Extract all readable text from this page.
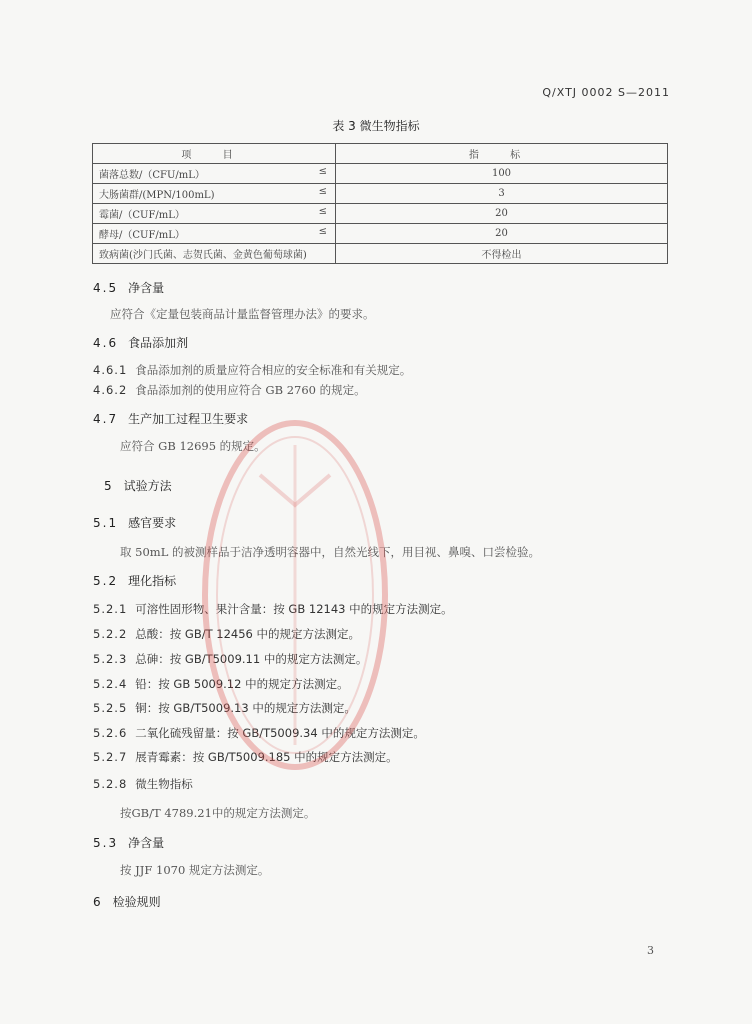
Q/XTJ 0002 S—2011
表 3 微生物指标
项 目	指 标
菌落总数/（CFU/mL） ≤	100
大肠菌群/(MPN/100mL) ≤	3
霉菌/（CUF/mL） ≤	20
酵母/（CUF/mL） ≤	20
致病菌(沙门氏菌、志贺氏菌、金黄色葡萄球菌)	不得检出
4.5 净含量
应符合《定量包装商品计量监督管理办法》的要求。
4.6 食品添加剂
4.6.1 食品添加剂的质量应符合相应的安全标准和有关规定。
4.6.2 食品添加剂的使用应符合 GB 2760 的规定。
4.7 生产加工过程卫生要求
应符合 GB 12695 的规定。
5 试验方法
5.1 感官要求
取 50mL 的被测样品于洁净透明容器中，自然光线下，用目视、鼻嗅、口尝检验。
5.2 理化指标
5.2.1 可溶性固形物、果汁含量：按 GB 12143 中的规定方法测定。
5.2.2 总酸：按 GB/T 12456 中的规定方法测定。
5.2.3 总砷：按 GB/T5009.11 中的规定方法测定。
5.2.4 铅：按 GB 5009.12 中的规定方法测定。
5.2.5 铜：按 GB/T5009.13 中的规定方法测定。
5.2.6 二氧化硫残留量：按 GB/T5009.34 中的规定方法测定。
5.2.7 展青霉素：按 GB/T5009.185 中的规定方法测定。
5.2.8 微生物指标
按GB/T 4789.21中的规定方法测定。
5.3 净含量
按 JJF 1070 规定方法测定。
6 检验规则
3
